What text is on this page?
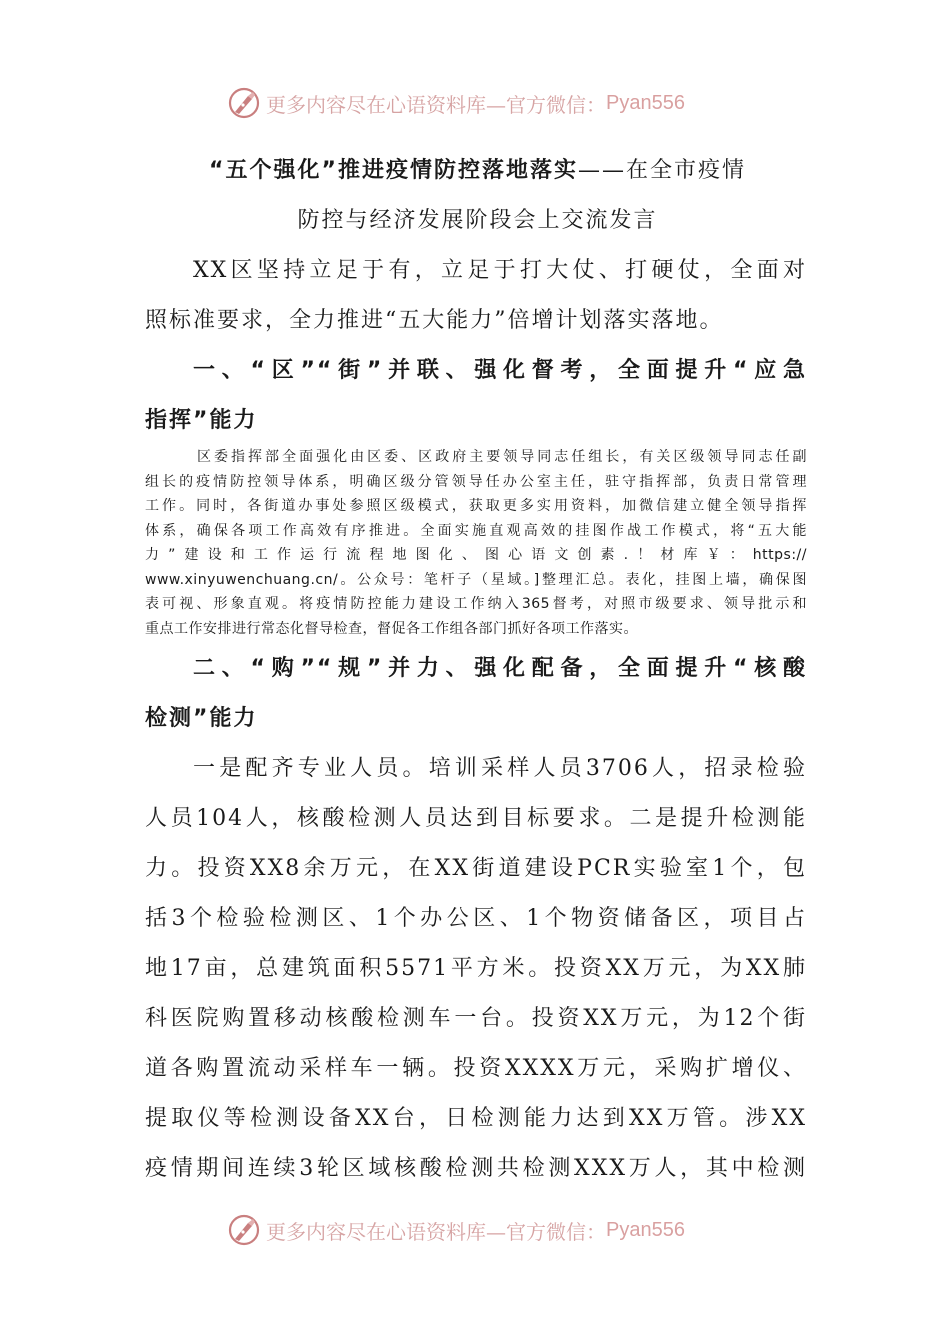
更多内容尽在心语资料库—官方微信： Pyan556
“五个强化”推进疫情防控落地落实——在全市疫情
防控与经济发展阶段会上交流发言
XX区坚持立足于有，立足于打大仗、打硬仗，全面对
照标准要求，全力推进“五大能力”倍增计划落实落地。
一、“区”“街”并联、强化督考，全面提升“应急
指挥”能力
区委指挥部全面强化由区委、区政府主要领导同志任组长，有关区级领导同志任副
组长的疫情防控领导体系，明确区级分管领导任办公室主任，驻守指挥部，负责日常管理
工作。同时，各街道办事处参照区级模式，获取更多实用资料，加微信建立健全领导指挥
体系，确保各项工作高效有序推进。全面实施直观高效的挂图作战工作模式，将“五大能
力”建设和工作运行流程地图化、图心语文创素.！材库￥：https://
www.xinyuwenchuang.cn/。公众号：笔杆子（星域。]整理汇总。表化，挂图上墙，确保图
表可视、形象直观。将疫情防控能力建设工作纳入365督考，对照市级要求、领导批示和
重点工作安排进行常态化督导检查，督促各工作组各部门抓好各项工作落实。
二、“购”“规”并力、强化配备，全面提升“核酸
检测”能力
一是配齐专业人员。培训采样人员3706人，招录检验
人员104人，核酸检测人员达到目标要求。二是提升检测能
力。投资XX8余万元，在XX街道建设PCR实验室1个，包
括3个检验检测区、1个办公区、1个物资储备区，项目占
地17亩，总建筑面积5571平方米。投资XX万元，为XX肺
科医院购置移动核酸检测车一台。投资XX万元，为12个街
道各购置流动采样车一辆。投资XXXX万元，采购扩增仪、
提取仪等检测设备XX台，日检测能力达到XX万管。涉XX
疫情期间连续3轮区域核酸检测共检测XXX万人，其中检测
更多内容尽在心语资料库—官方微信： Pyan556
